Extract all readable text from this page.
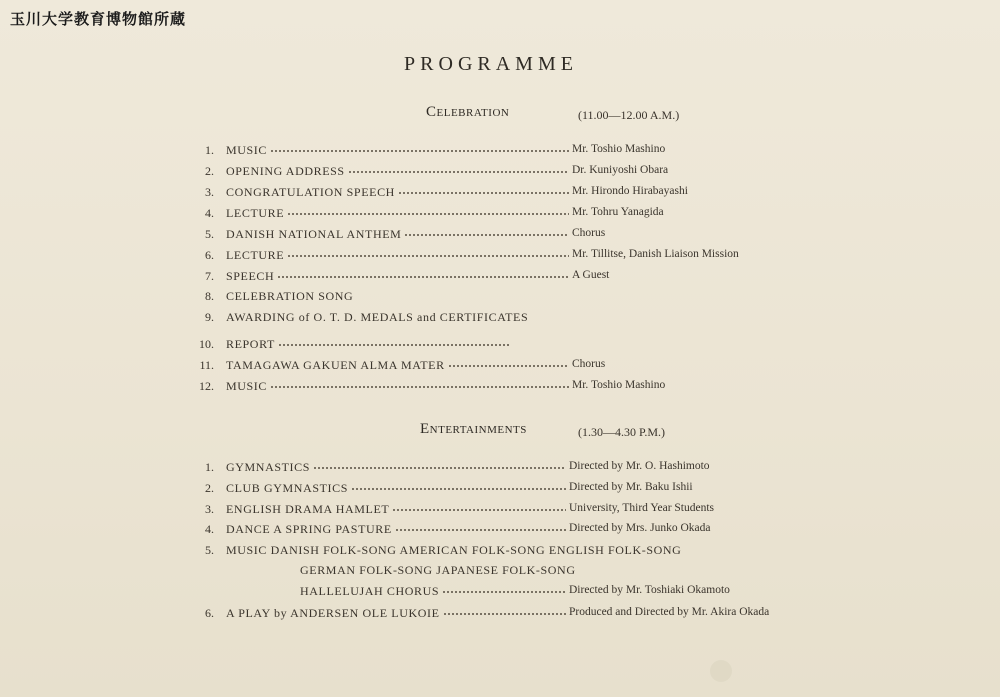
玉川大学教育博物館所蔵
PROGRAMME
Celebration	(11.00—12.00 A.M.)
1. MUSIC	Mr. Toshio Mashino
2. OPENING ADDRESS	Dr. Kuniyoshi Obara
3. CONGRATULATION SPEECH	Mr. Hirondo Hirabayashi
4. LECTURE	Mr. Tohru Yanagida
5. DANISH NATIONAL ANTHEM	Chorus
6. LECTURE	Mr. Tillitse, Danish Liaison Mission
7. SPEECH	A Guest
8. CELEBRATION SONG
9. AWARDING of O. T. D. MEDALS and CERTIFICATES
10. REPORT
11. TAMAGAWA GAKUEN ALMA MATER	Chorus
12. MUSIC	Mr. Toshio Mashino
Entertainments	(1.30—4.30 P.M.)
1. GYMNASTICS	Directed by Mr. O. Hashimoto
2. CLUB GYMNASTICS	Directed by Mr. Baku Ishii
3. ENGLISH DRAMA HAMLET	University, Third Year Students
4. DANCE A SPRING PASTURE	Directed by Mrs. Junko Okada
5. MUSIC DANISH FOLK-SONG AMERICAN FOLK-SONG ENGLISH FOLK-SONG
GERMAN FOLK-SONG JAPANESE FOLK-SONG
HALLELUJAH CHORUS	Directed by Mr. Toshiaki Okamoto
6. A PLAY by ANDERSEN OLE LUKOIE	Produced and Directed by Mr. Akira Okada
